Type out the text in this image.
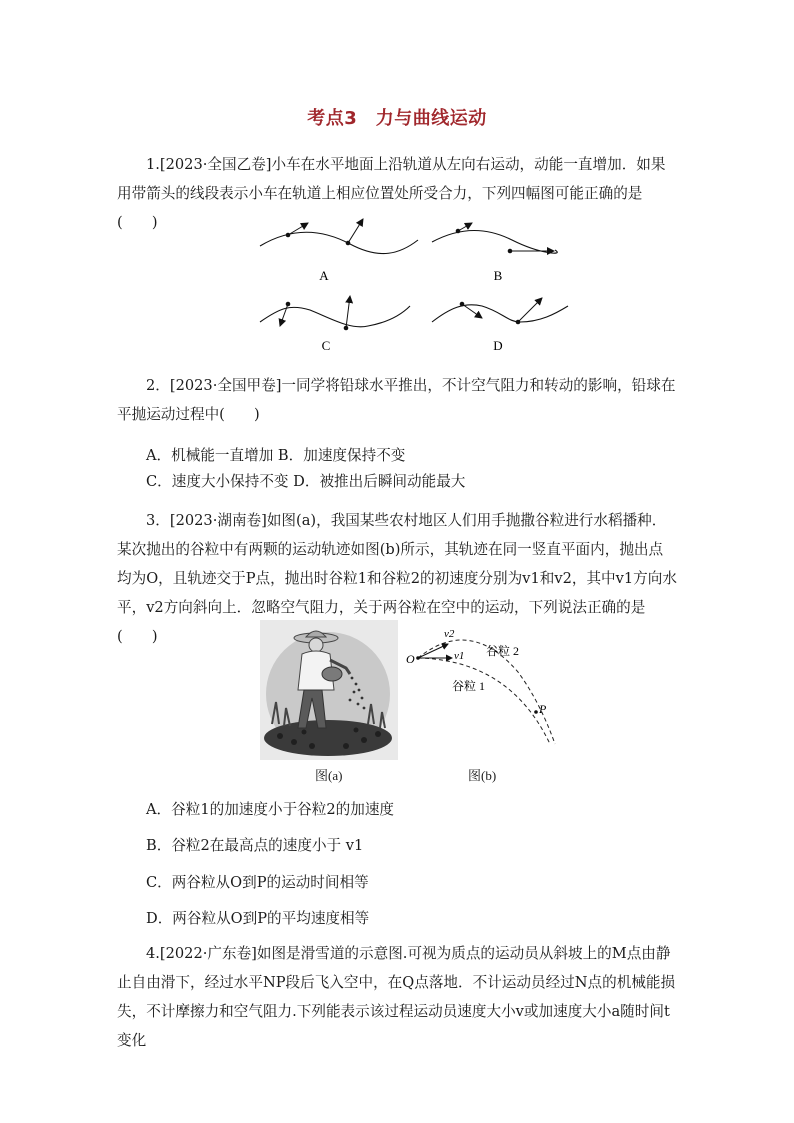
考点3　力与曲线运动
1.[2023·全国乙卷]小车在水平地面上沿轨道从左向右运动，动能一直增加．如果用带箭头的线段表示小车在轨道上相应位置处所受合力，下列四幅图可能正确的是(　　)
A	B
C	D
2．[2023·全国甲卷]一同学将铅球水平推出，不计空气阻力和转动的影响，铅球在平抛运动过程中(　　)
A．机械能一直增加 B．加速度保持不变
C．速度大小保持不变 D．被推出后瞬间动能最大
3．[2023·湖南卷]如图(a)，我国某些农村地区人们用手抛撒谷粒进行水稻播种．某次抛出的谷粒中有两颗的运动轨迹如图(b)所示，其轨迹在同一竖直平面内，抛出点均为O，且轨迹交于P点，抛出时谷粒1和谷粒2的初速度分别为v1和v2，其中v1方向水平，v2方向斜向上．忽略空气阻力，关于两谷粒在空中的运动，下列说法正确的是(　　)
图(a)
O
v2
v1 谷粒 2
谷粒 1
P
图(b)
A．谷粒1的加速度小于谷粒2的加速度
B．谷粒2在最高点的速度小于 v1
C．两谷粒从O到P的运动时间相等
D．两谷粒从O到P的平均速度相等
4.[2022·广东卷]如图是滑雪道的示意图.可视为质点的运动员从斜坡上的M点由静止自由滑下，经过水平NP段后飞入空中，在Q点落地．不计运动员经过N点的机械能损失，不计摩擦力和空气阻力.下列能表示该过程运动员速度大小v或加速度大小a随时间t变化
